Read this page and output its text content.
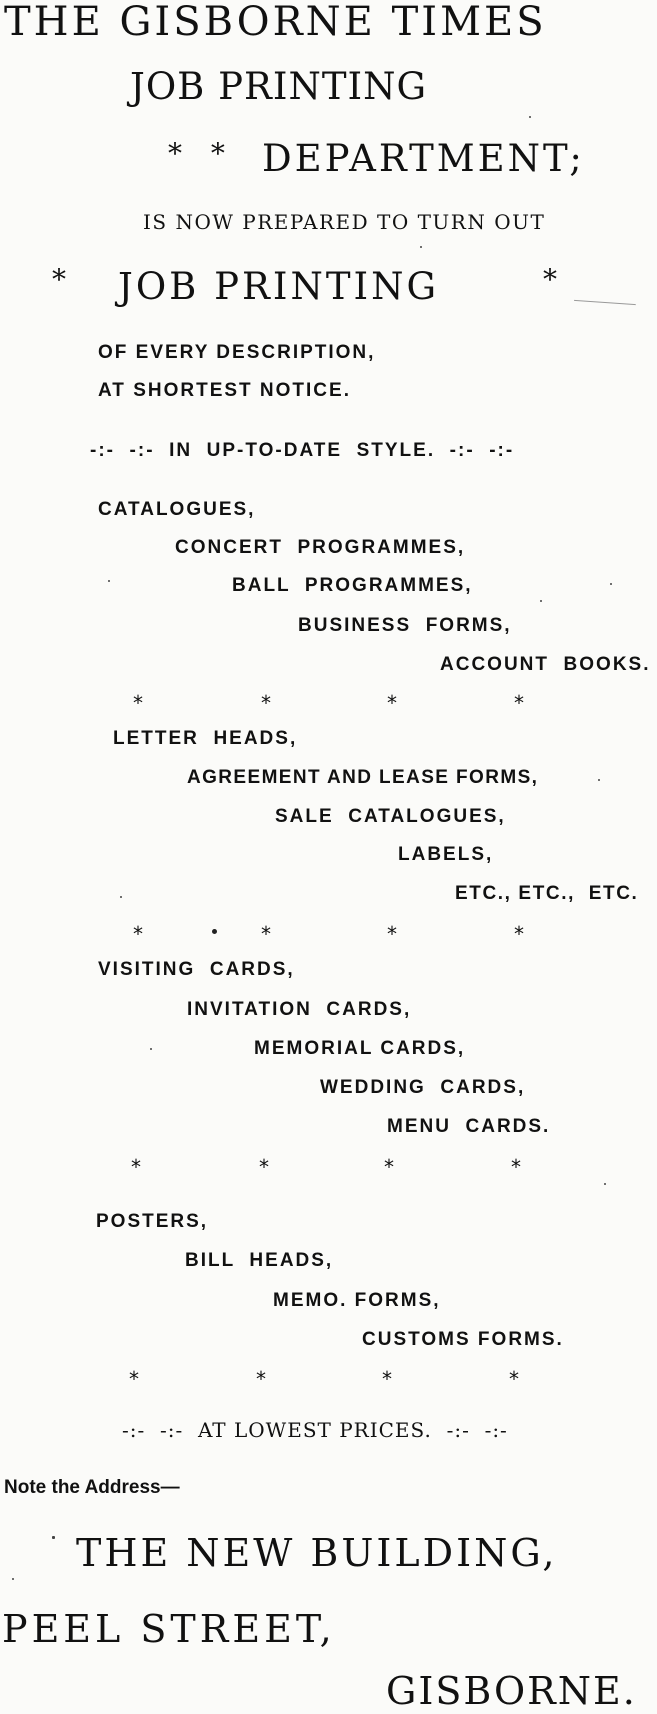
THE GISBORNE TIMES
JOB PRINTING
* * DEPARTMENT;
IS NOW PREPARED TO TURN OUT
* JOB PRINTING	*
OF EVERY DESCRIPTION,
AT SHORTEST NOTICE.
-:-  -:-  IN  UP-TO-DATE  STYLE.  -:-  -:-
CATALOGUES,
CONCERT  PROGRAMMES,
BALL  PROGRAMMES,
BUSINESS  FORMS,
ACCOUNT  BOOKS.
*	*	*	*
LETTER  HEADS,
AGREEMENT AND LEASE FORMS,
SALE  CATALOGUES,
LABELS,
ETC., ETC.,  ETC.
*	*	*	*
VISITING  CARDS,
INVITATION  CARDS,
MEMORIAL CARDS,
WEDDING  CARDS,
MENU  CARDS.
*	*	*	*
POSTERS,
BILL  HEADS,
MEMO. FORMS,
CUSTOMS FORMS.
*	*	*	*
-:-  -:-  AT LOWEST PRICES.  -:-  -:-
Note the Address—
THE NEW BUILDING,
PEEL STREET,
GISBORNE.
